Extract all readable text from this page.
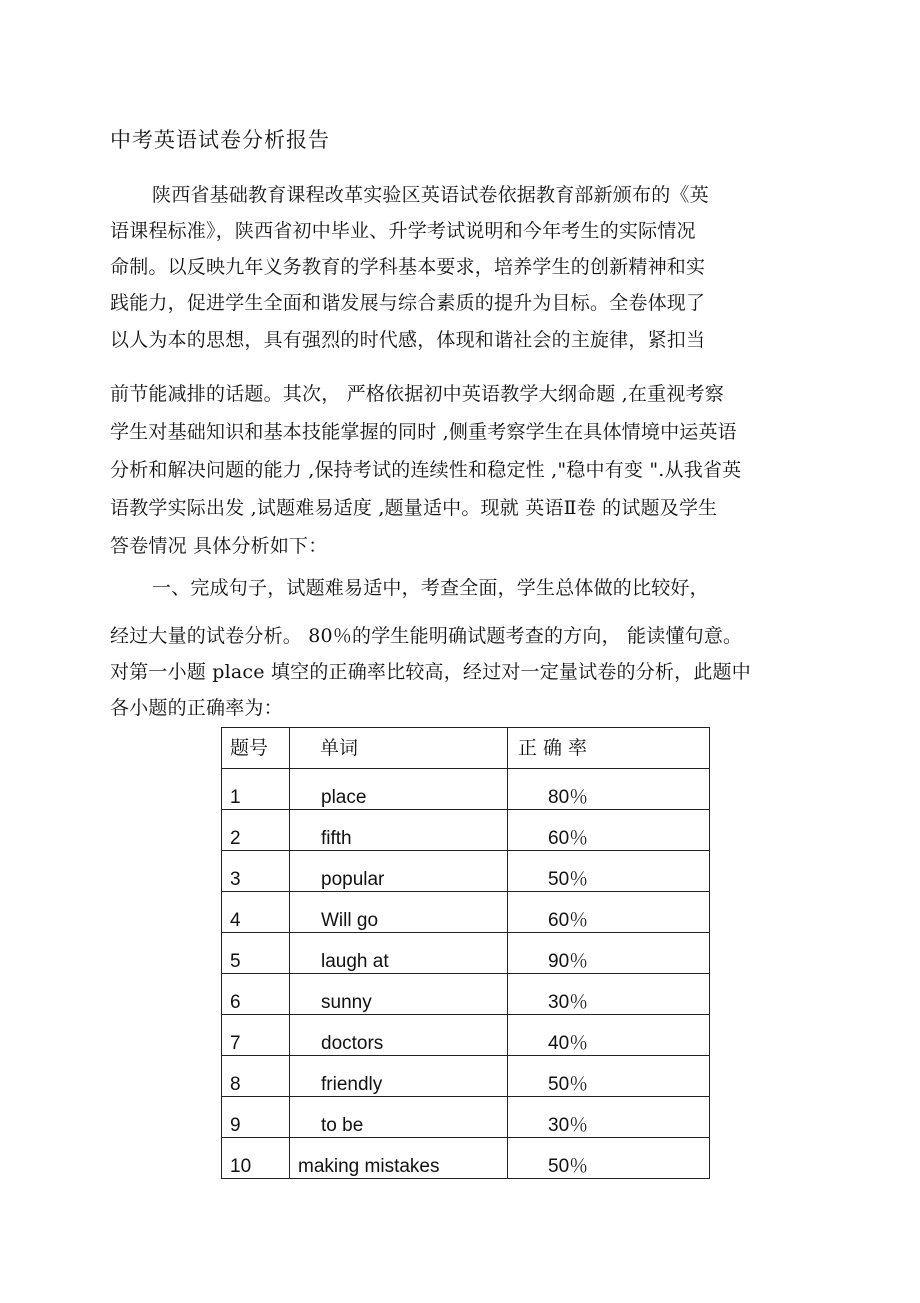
中考英语试卷分析报告
陕西省基础教育课程改革实验区英语试卷依据教育部新颁布的《英
语课程标准》，陕西省初中毕业、升学考试说明和今年考生的实际情况
命制。以反映九年义务教育的学科基本要求，培养学生的创新精神和实
践能力，促进学生全面和谐发展与综合素质的提升为目标。全卷体现了
以人为本的思想，具有强烈的时代感，体现和谐社会的主旋律，紧扣当
前节能减排的话题。其次， 严格依据初中英语教学大纲命题 ,在重视考察
学生对基础知识和基本技能掌握的同时 ,侧重考察学生在具体情境中运英语
分析和解决问题的能力 ,保持考试的连续性和稳定性 ,"稳中有变 ".从我省英
语教学实际出发 ,试题难易适度 ,题量适中。现就 英语Ⅱ卷 的试题及学生
答卷情况 具体分析如下：
一、完成句子，试题难易适中，考查全面，学生总体做的比较好，
经过大量的试卷分析。 80％的学生能明确试题考查的方向， 能读懂句意。
对第一小题 place 填空的正确率比较高，经过对一定量试卷的分析，此题中
各小题的正确率为：
题号	单词	正确率
1	place	80％
2	fifth	60％
3	popular	50％
4	Will go	60％
5	laugh at	90％
6	sunny	30％
7	doctors	40％
8	friendly	50％
9	to be	30％
10	making mistakes	50％
